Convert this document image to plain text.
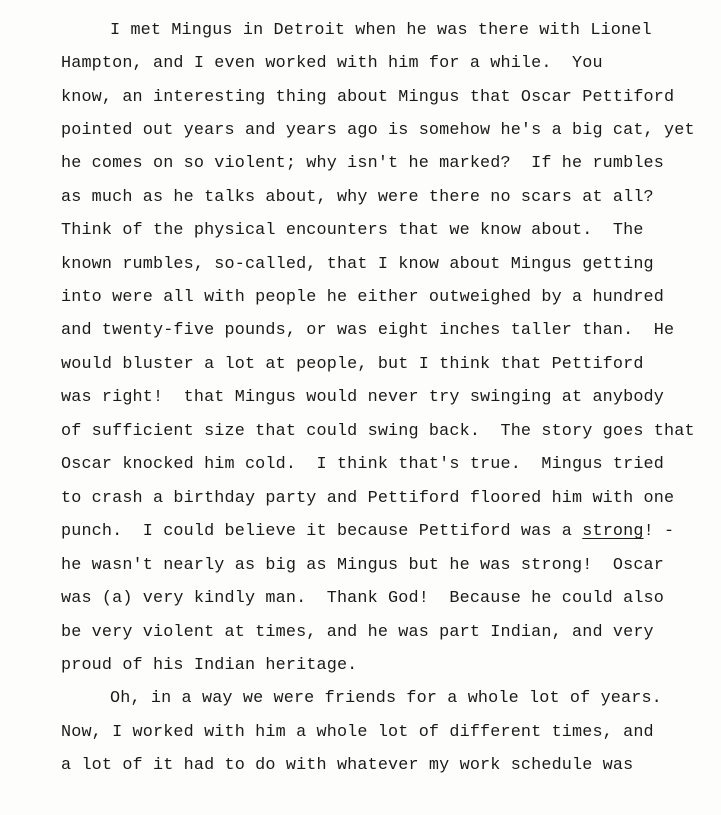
I met Mingus in Detroit when he was there with Lionel
Hampton, and I even worked with him for a while.  You
know, an interesting thing about Mingus that Oscar Pettiford
pointed out years and years ago is somehow he's a big cat, yet
he comes on so violent; why isn't he marked?  If he rumbles
as much as he talks about, why were there no scars at all?
Think of the physical encounters that we know about.  The
known rumbles, so-called, that I know about Mingus getting
into were all with people he either outweighed by a hundred
and twenty-five pounds, or was eight inches taller than.  He
would bluster a lot at people, but I think that Pettiford
was right!  that Mingus would never try swinging at anybody
of sufficient size that could swing back.  The story goes that
Oscar knocked him cold.  I think that's true.  Mingus tried
to crash a birthday party and Pettiford floored him with one
punch.  I could believe it because Pettiford was a strong! -
he wasn't nearly as big as Mingus but he was strong!  Oscar
was (a) very kindly man.  Thank God!  Because he could also
be very violent at times, and he was part Indian, and very
proud of his Indian heritage.
Oh, in a way we were friends for a whole lot of years.
Now, I worked with him a whole lot of different times, and
a lot of it had to do with whatever my work schedule was
